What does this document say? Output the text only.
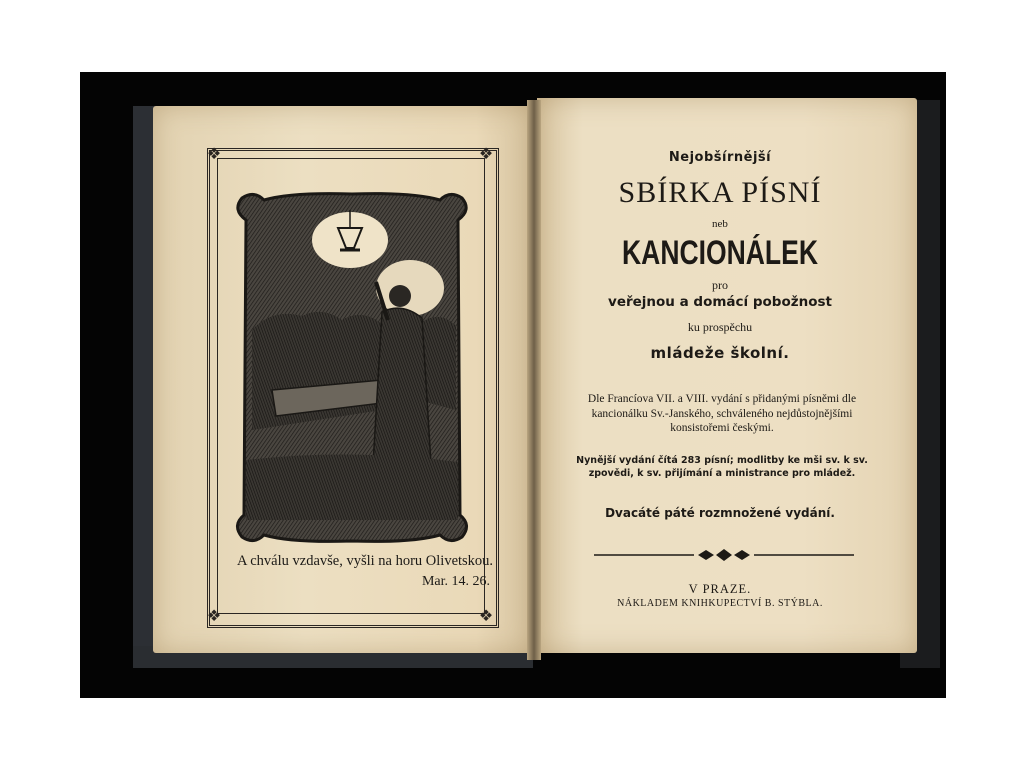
❖	❖
❖	❖
A chválu vzdavše, vyšli na horu Olivetskou.
Mar. 14. 26.
Nejobšírnější
SBÍRKA PÍSNÍ
neb
KANCIONÁLEK
pro
veřejnou a domácí pobožnost
ku prospěchu
mládeže školní.
Dle Francíova VII. a VIII. vydání s přidanými písněmi dle kancionálku Sv.-Janského, schváleného nejdůstojnějšími konsistořemi českými.
Nynější vydání čítá 283 písní; modlitby ke mši sv. k sv. zpovědi, k sv. přijímání a ministrance pro mládež.
Dvacáté páté rozmnožené vydání.
V PRAZE.
NÁKLADEM KNIHKUPECTVÍ B. STÝBLA.
